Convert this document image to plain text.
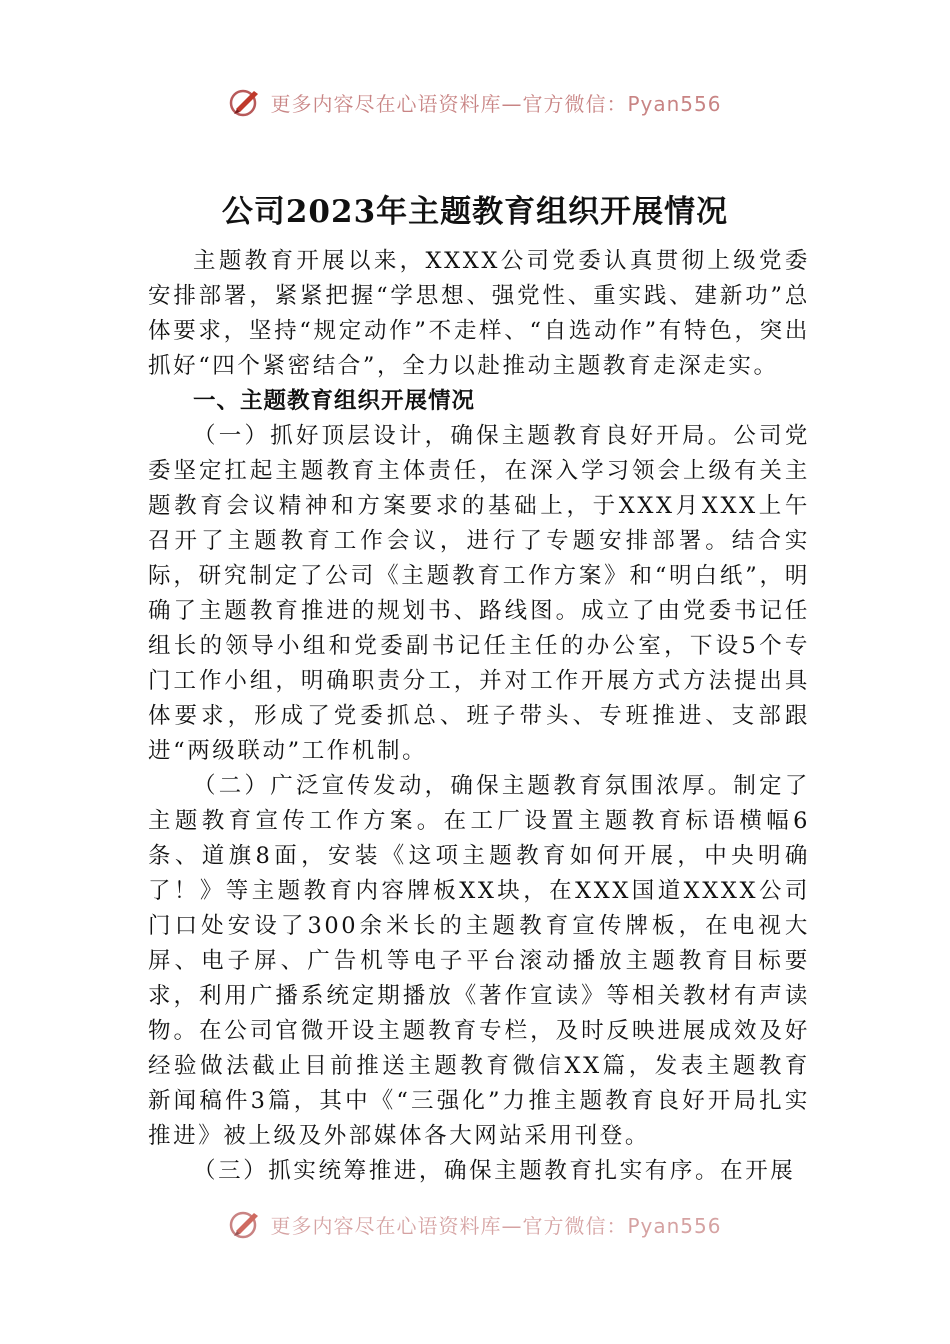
更多内容尽在心语资料库—官方微信：Pyan556
公司2023年主题教育组织开展情况

主题教育开展以来，XXXX公司党委认真贯彻上级党委安排部署，紧紧把握“学思想、强党性、重实践、建新功”总体要求，坚持“规定动作”不走样、“自选动作”有特色，突出抓好“四个紧密结合”，全力以赴推动主题教育走深走实。

一、主题教育组织开展情况

（一）抓好顶层设计，确保主题教育良好开局。公司党委坚定扛起主题教育主体责任，在深入学习领会上级有关主题教育会议精神和方案要求的基础上，于XXX月XXX上午召开了主题教育工作会议，进行了专题安排部署。结合实际，研究制定了公司《主题教育工作方案》和“明白纸”，明确了主题教育推进的规划书、路线图。成立了由党委书记任组长的领导小组和党委副书记任主任的办公室，下设5个专门工作小组，明确职责分工，并对工作开展方式方法提出具体要求，形成了党委抓总、班子带头、专班推进、支部跟进“两级联动”工作机制。

（二）广泛宣传发动，确保主题教育氛围浓厚。制定了主题教育宣传工作方案。在工厂设置主题教育标语横幅6条、道旗8面，安装《这项主题教育如何开展，中央明确了！》等主题教育内容牌板XX块，在XXX国道XXXX公司门口处安设了300余米长的主题教育宣传牌板，在电视大屏、电子屏、广告机等电子平台滚动播放主题教育目标要求，利用广播系统定期播放《著作宣读》等相关教材有声读物。在公司官微开设主题教育专栏，及时反映进展成效及好经验做法截止目前推送主题教育微信XX篇，发表主题教育新闻稿件3篇，其中《“三强化”力推主题教育良好开局扎实推进》被上级及外部媒体各大网站采用刊登。

（三）抓实统筹推进，确保主题教育扎实有序。在开展

更多内容尽在心语资料库—官方微信：Pyan556
